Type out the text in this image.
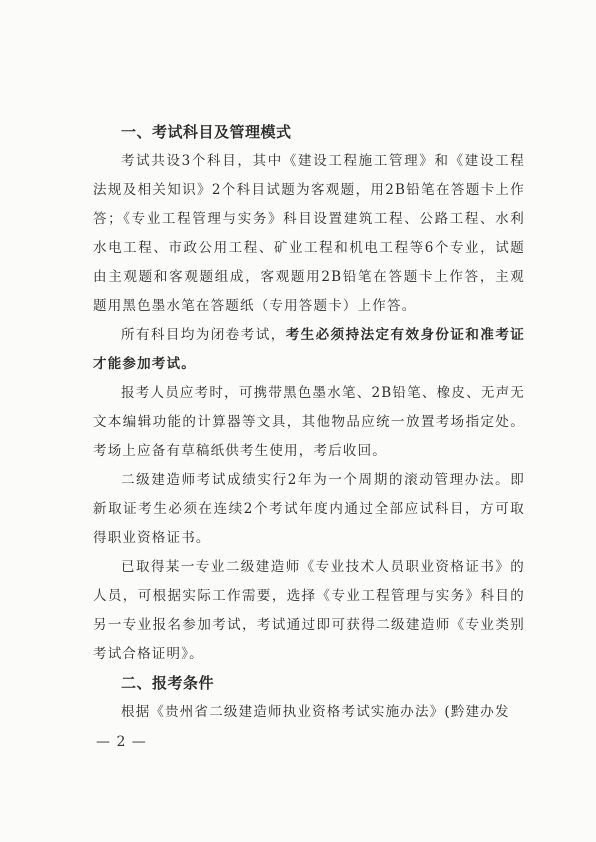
一、考试科目及管理模式

考试共设3个科目，其中《建设工程施工管理》和《建设工程法规及相关知识》2个科目试题为客观题，用2B铅笔在答题卡上作答；《专业工程管理与实务》科目设置建筑工程、公路工程、水利水电工程、市政公用工程、矿业工程和机电工程等6个专业，试题由主观题和客观题组成，客观题用2B铅笔在答题卡上作答，主观题用黑色墨水笔在答题纸（专用答题卡）上作答。

所有科目均为闭卷考试，考生必须持法定有效身份证和准考证才能参加考试。

报考人员应考时，可携带黑色墨水笔、2B铅笔、橡皮、无声无文本编辑功能的计算器等文具，其他物品应统一放置考场指定处。考场上应备有草稿纸供考生使用，考后收回。

二级建造师考试成绩实行2年为一个周期的滚动管理办法。即新取证考生必须在连续2个考试年度内通过全部应试科目，方可取得职业资格证书。

已取得某一专业二级建造师《专业技术人员职业资格证书》的人员，可根据实际工作需要，选择《专业工程管理与实务》科目的另一专业报名参加考试，考试通过即可获得二级建造师《专业类别考试合格证明》。

二、报考条件

根据《贵州省二级建造师执业资格考试实施办法》(黔建办发

— 2 —
